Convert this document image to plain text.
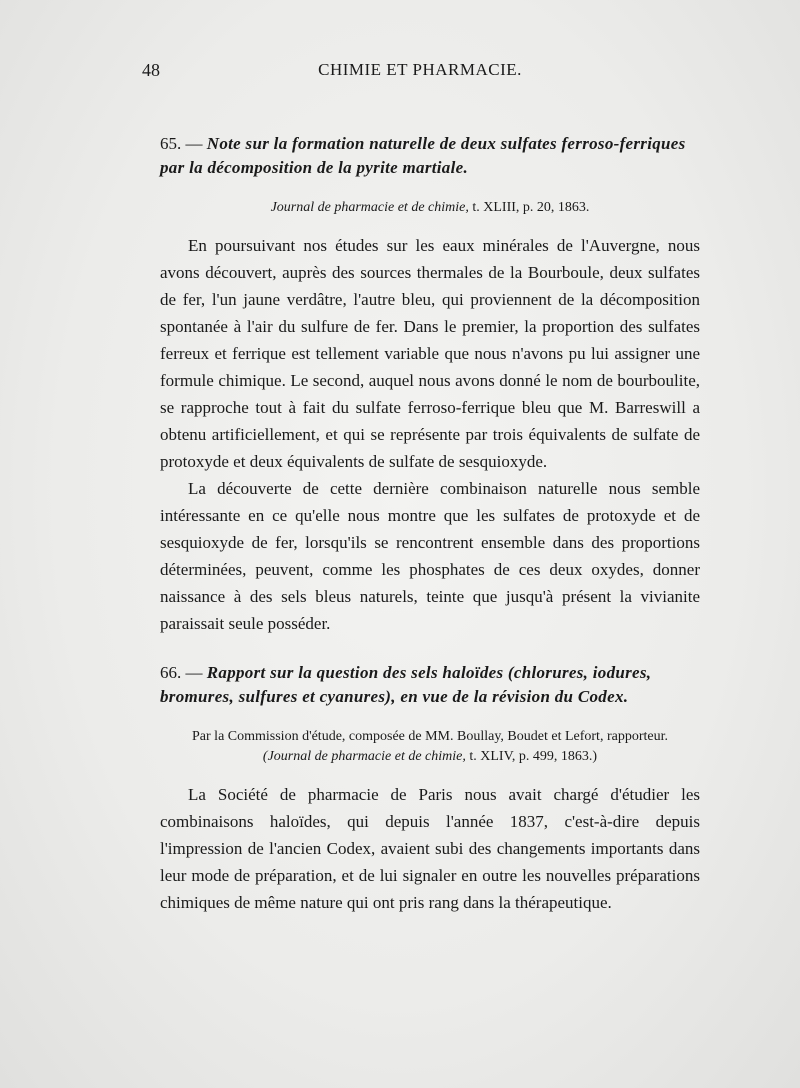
48	CHIMIE ET PHARMACIE.
65. — Note sur la formation naturelle de deux sulfates ferroso-ferriques par la décomposition de la pyrite martiale.
Journal de pharmacie et de chimie, t. XLIII, p. 20, 1863.

En poursuivant nos études sur les eaux minérales de l'Auvergne, nous avons découvert, auprès des sources thermales de la Bourboule, deux sulfates de fer, l'un jaune verdâtre, l'autre bleu, qui proviennent de la décomposition spontanée à l'air du sulfure de fer. Dans le premier, la proportion des sulfates ferreux et ferrique est tellement variable que nous n'avons pu lui assigner une formule chimique. Le second, auquel nous avons donné le nom de bourboulite, se rapproche tout à fait du sulfate ferroso-ferrique bleu que M. Barreswill a obtenu artificiellement, et qui se représente par trois équivalents de sulfate de protoxyde et deux équivalents de sulfate de sesquioxyde.

La découverte de cette dernière combinaison naturelle nous semble intéressante en ce qu'elle nous montre que les sulfates de protoxyde et de sesquioxyde de fer, lorsqu'ils se rencontrent ensemble dans des proportions déterminées, peuvent, comme les phosphates de ces deux oxydes, donner naissance à des sels bleus naturels, teinte que jusqu'à présent la vivianite paraissait seule posséder.

66. — Rapport sur la question des sels haloïdes (chlorures, iodures, bromures, sulfures et cyanures), en vue de la révision du Codex.

Par la Commission d'étude, composée de MM. Boullay, Boudet et Lefort, rapporteur.

(Journal de pharmacie et de chimie, t. XLIV, p. 499, 1863.)

La Société de pharmacie de Paris nous avait chargé d'étudier les combinaisons haloïdes, qui depuis l'année 1837, c'est-à-dire depuis l'impression de l'ancien Codex, avaient subi des changements importants dans leur mode de préparation, et de lui signaler en outre les nouvelles préparations chimiques de même nature qui ont pris rang dans la thérapeutique.
